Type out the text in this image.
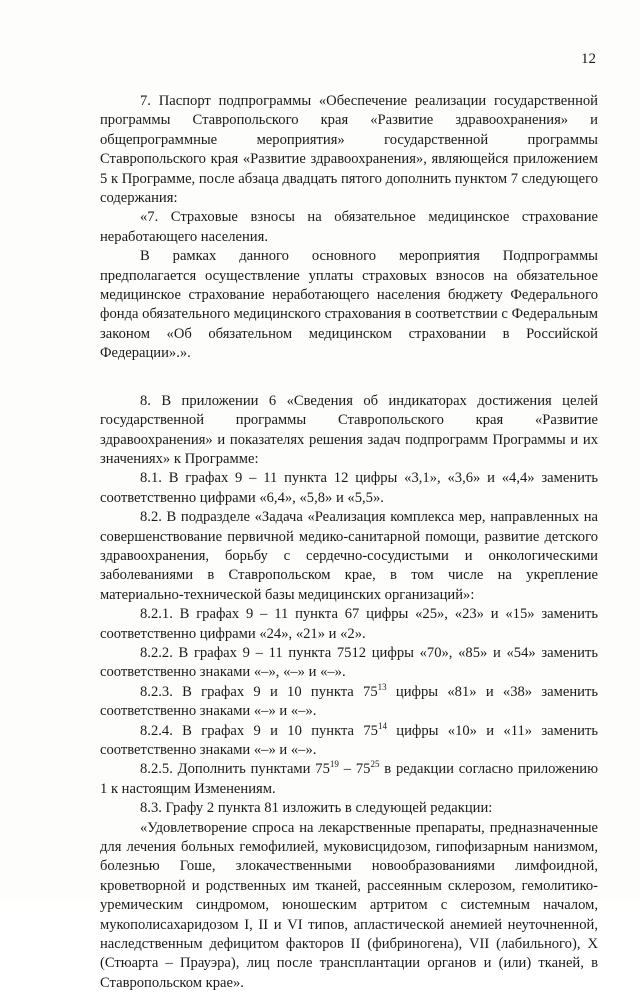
12

7. Паспорт подпрограммы «Обеспечение реализации государственной программы Ставропольского края «Развитие здравоохранения» и общепрограммные мероприятия» государственной программы Ставропольского края «Развитие здравоохранения», являющейся приложением 5 к Программе, после абзаца двадцать пятого дополнить пунктом 7 следующего содержания:

«7. Страховые взносы на обязательное медицинское страхование неработающего населения.

В рамках данного основного мероприятия Подпрограммы предполагается осуществление уплаты страховых взносов на обязательное медицинское страхование неработающего населения бюджету Федерального фонда обязательного медицинского страхования в соответствии с Федеральным законом «Об обязательном медицинском страховании в Российской Федерации».».

8. В приложении 6 «Сведения об индикаторах достижения целей государственной программы Ставропольского края «Развитие здравоохранения» и показателях решения задач подпрограмм Программы и их значениях» к Программе:

8.1. В графах 9 – 11 пункта 12 цифры «3,1», «3,6» и «4,4» заменить соответственно цифрами «6,4», «5,8» и «5,5».

8.2. В подразделе «Задача «Реализация комплекса мер, направленных на совершенствование первичной медико-санитарной помощи, развитие детского здравоохранения, борьбу с сердечно-сосудистыми и онкологическими заболеваниями в Ставропольском крае, в том числе на укрепление материально-технической базы медицинских организаций»:

8.2.1. В графах 9 – 11 пункта 67 цифры «25», «23» и «15» заменить соответственно цифрами «24», «21» и «2».

8.2.2. В графах 9 – 11 пункта 7512 цифры «70», «85» и «54» заменить соответственно знаками «–», «–» и «–».

8.2.3. В графах 9 и 10 пункта $75^{13}$ цифры «81» и «38» заменить соответственно знаками «–» и «–».

8.2.4. В графах 9 и 10 пункта $75^{14}$ цифры «10» и «11» заменить соответственно знаками «–» и «–».

8.2.5. Дополнить пунктами $75^{19} - 75^{25}$ в редакции согласно приложению 1 к настоящим Изменениям.

8.3. Графу 2 пункта 81 изложить в следующей редакции:

«Удовлетворение спроса на лекарственные препараты, предназначенные для лечения больных гемофилией, муковисцидозом, гипофизарным нанизмом, болезнью Гоше, злокачественными новообразованиями лимфоидной, кроветворной и родственных им тканей, рассеянным склерозом, гемолитико-уремическим синдромом, юношеским артритом с системным началом, мукополисахаридозом I, II и VI типов, апластической анемией неуточненной, наследственным дефицитом факторов II (фибриногена), VII (лабильного), X (Стюарта – Прауэра), лиц после трансплантации органов и (или) тканей, в Ставропольском крае».
